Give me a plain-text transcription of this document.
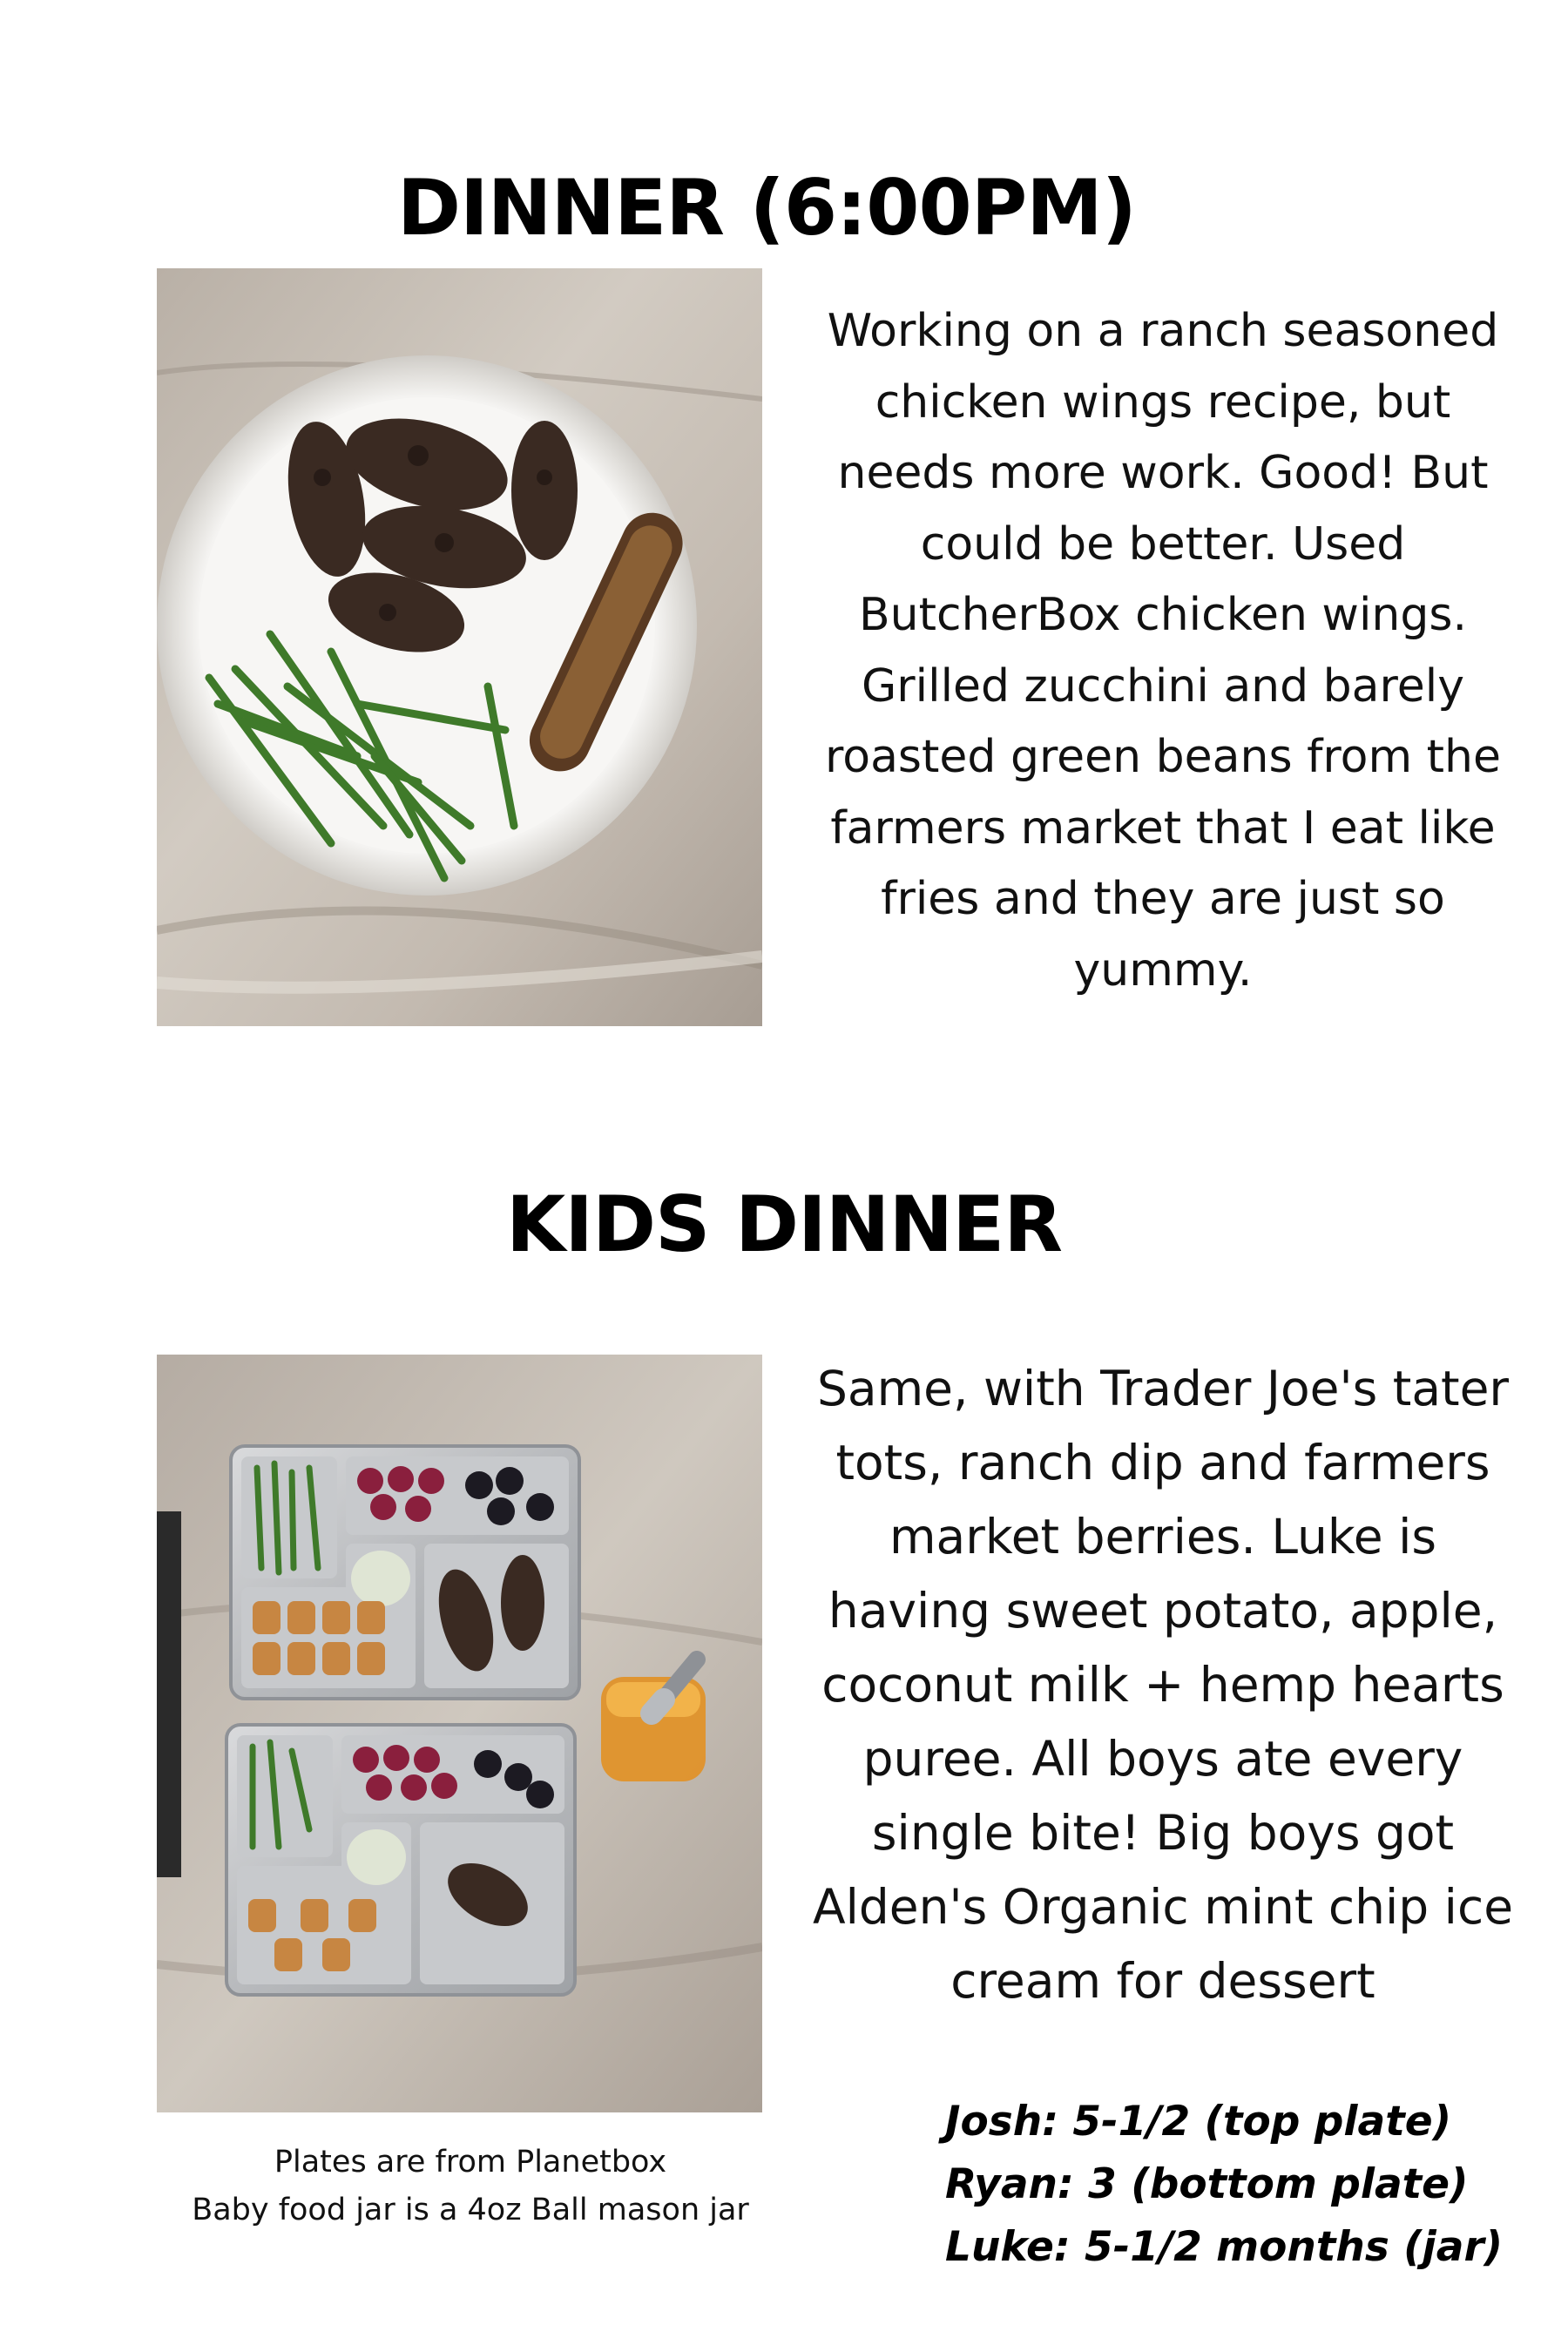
DINNER (6:00PM)

Working on a ranch seasoned chicken wings recipe, but needs more work. Good! But could be better. Used ButcherBox chicken wings. Grilled zucchini and barely roasted green beans from the farmers market that I eat like fries and they are just so yummy.

KIDS DINNER

Same, with Trader Joe's tater tots, ranch dip and farmers market berries. Luke is having sweet potato, apple, coconut milk + hemp hearts puree. All boys ate every single bite! Big boys got Alden's Organic mint chip ice cream for dessert

Plates are from Planetbox
Baby food jar is a 4oz Ball mason jar
Josh: 5-1/2 (top plate)
Ryan: 3 (bottom plate)
Luke: 5-1/2 months (jar)
